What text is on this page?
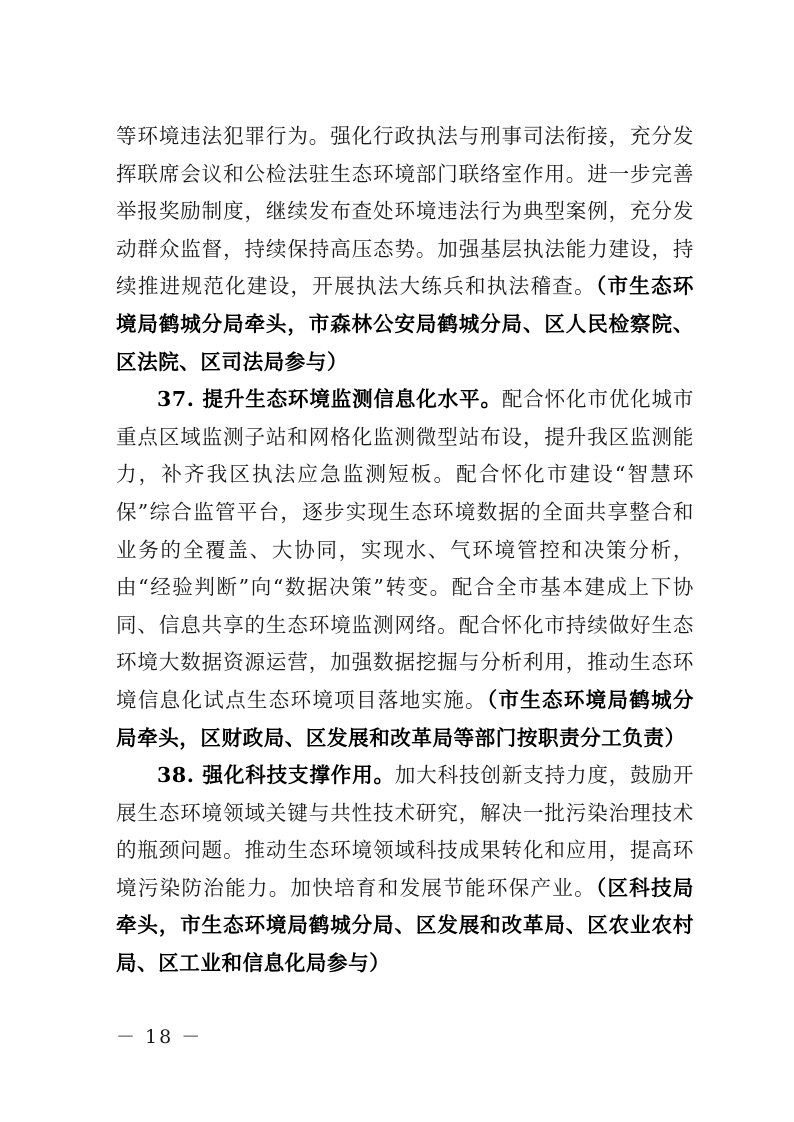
等环境违法犯罪行为。强化行政执法与刑事司法衔接，充分发挥联席会议和公检法驻生态环境部门联络室作用。进一步完善举报奖励制度，继续发布查处环境违法行为典型案例，充分发动群众监督，持续保持高压态势。加强基层执法能力建设，持续推进规范化建设，开展执法大练兵和执法稽查。（市生态环境局鹤城分局牵头，市森林公安局鹤城分局、区人民检察院、区法院、区司法局参与）

37. 提升生态环境监测信息化水平。配合怀化市优化城市重点区域监测子站和网格化监测微型站布设，提升我区监测能力，补齐我区执法应急监测短板。配合怀化市建设“智慧环保”综合监管平台，逐步实现生态环境数据的全面共享整合和业务的全覆盖、大协同，实现水、气环境管控和决策分析，由“经验判断”向“数据决策”转变。配合全市基本建成上下协同、信息共享的生态环境监测网络。配合怀化市持续做好生态环境大数据资源运营，加强数据挖掘与分析利用，推动生态环境信息化试点生态环境项目落地实施。（市生态环境局鹤城分局牵头，区财政局、区发展和改革局等部门按职责分工负责）

38. 强化科技支撑作用。加大科技创新支持力度，鼓励开展生态环境领域关键与共性技术研究，解决一批污染治理技术的瓶颈问题。推动生态环境领域科技成果转化和应用，提高环境污染防治能力。加快培育和发展节能环保产业。（区科技局牵头，市生态环境局鹤城分局、区发展和改革局、区农业农村局、区工业和信息化局参与）

－ 18 －
